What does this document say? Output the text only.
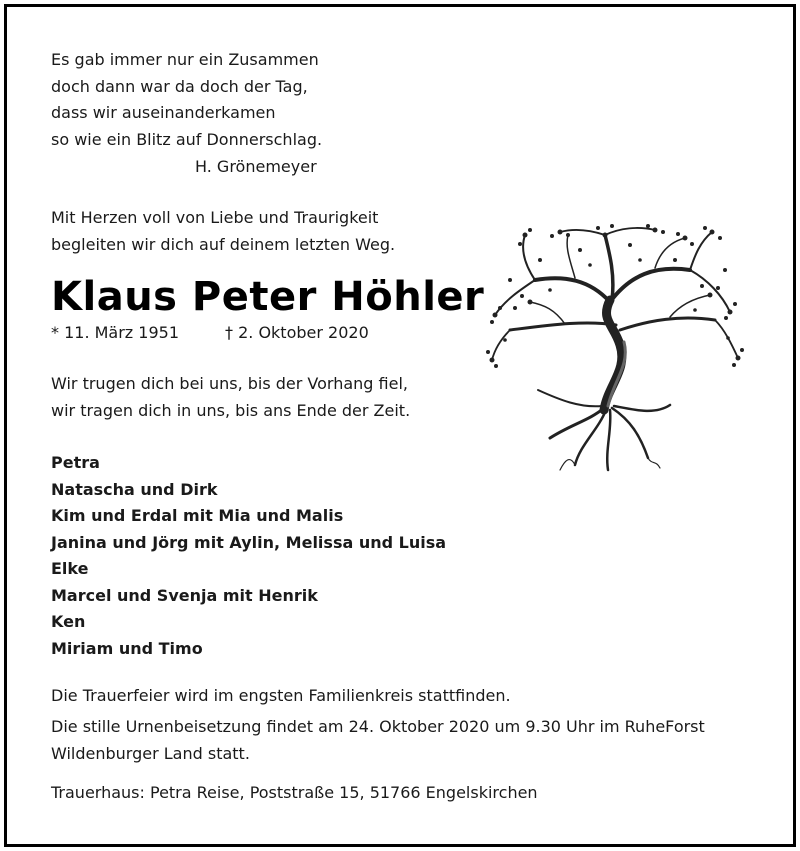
Es gab immer nur ein Zusammen
doch dann war da doch der Tag,
dass wir auseinanderkamen
so wie ein Blitz auf Donnerschlag.
H. Grönemeyer
Mit Herzen voll von Liebe und Traurigkeit
begleiten wir dich auf deinem letzten Weg.
Klaus Peter Höhler
* 11. März 1951	† 2. Oktober 2020
Wir trugen dich bei uns, bis der Vorhang fiel,
wir tragen dich in uns, bis ans Ende der Zeit.
Petra
Natascha und Dirk
Kim und Erdal mit Mia und Malis
Janina und Jörg mit Aylin, Melissa und Luisa
Elke
Marcel und Svenja mit Henrik
Ken
Miriam und Timo
Die Trauerfeier wird im engsten Familienkreis stattfinden.
Die stille Urnenbeisetzung findet am 24. Oktober 2020 um 9.30 Uhr im RuheForst
Wildenburger Land statt.
Trauerhaus: Petra Reise, Poststraße 15, 51766 Engelskirchen
